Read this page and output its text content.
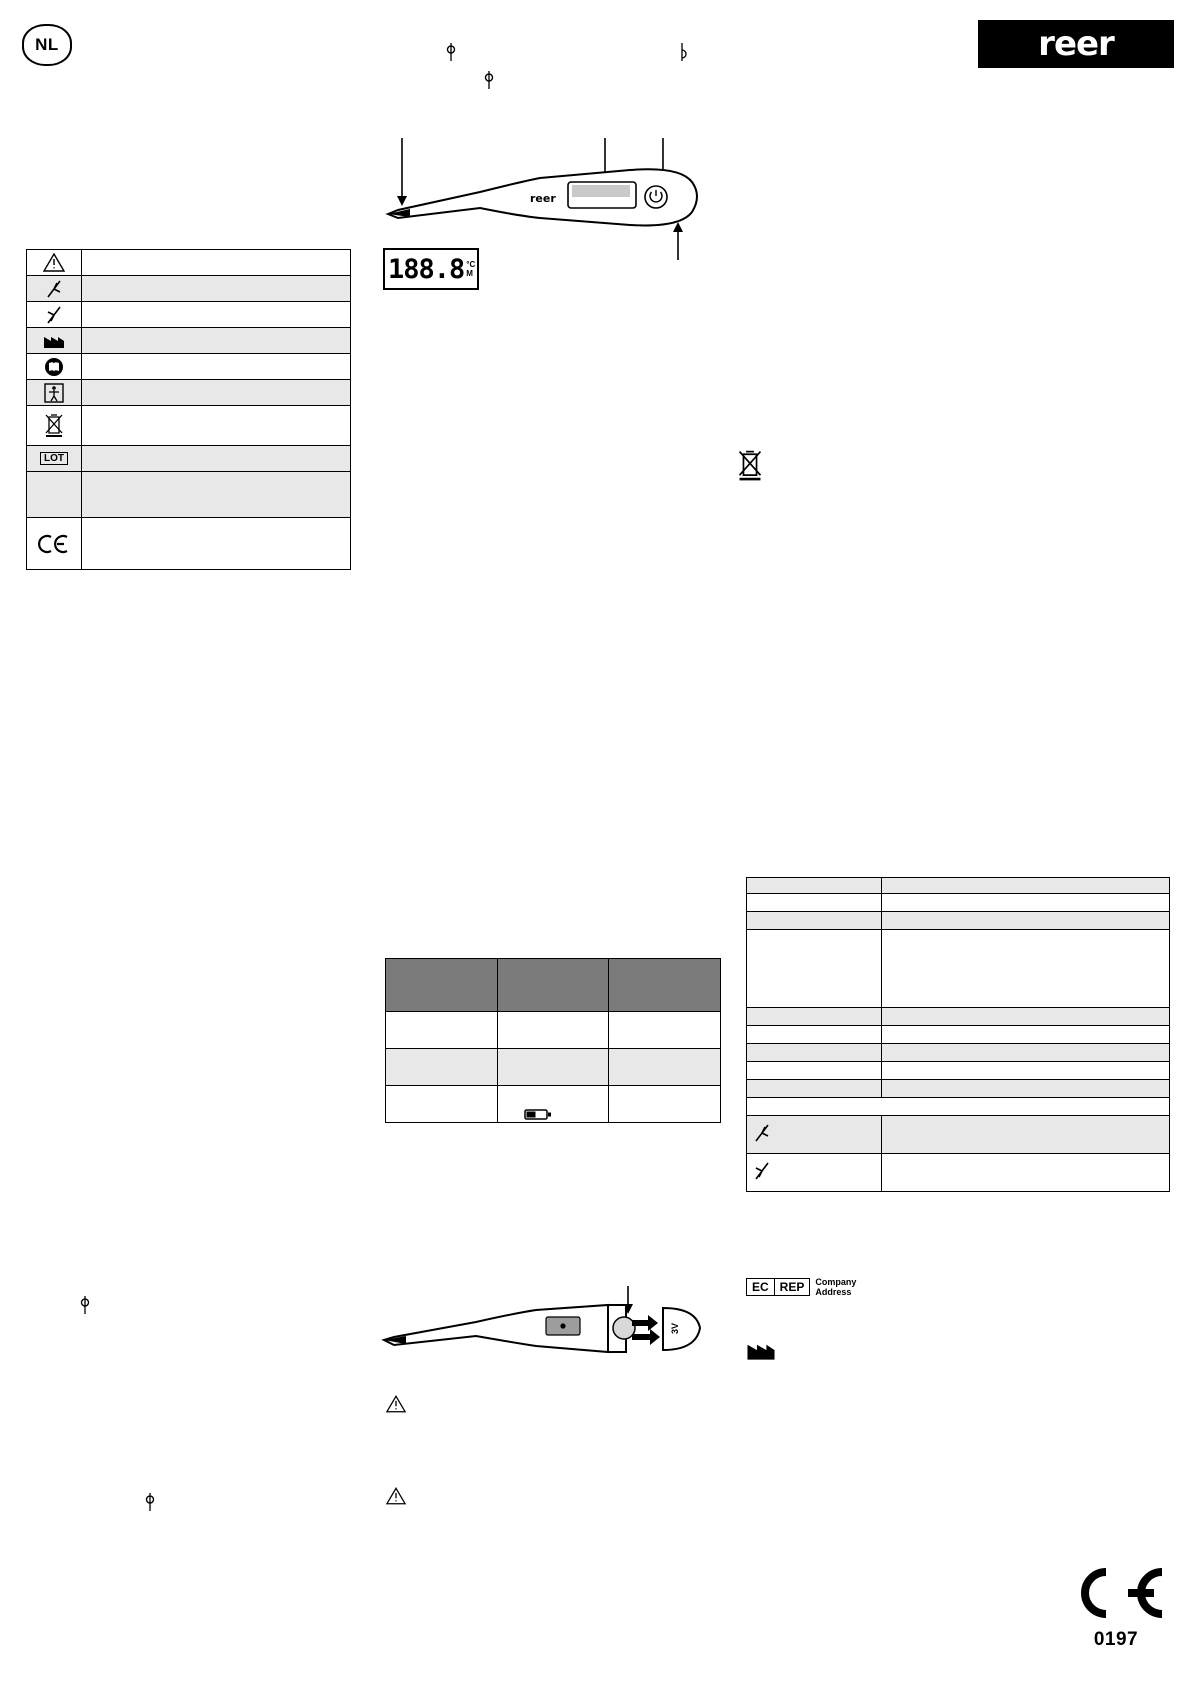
NL	reer

LOT	

reer
188.8 °C
M

EC REP	Company
Address
3V
0197
